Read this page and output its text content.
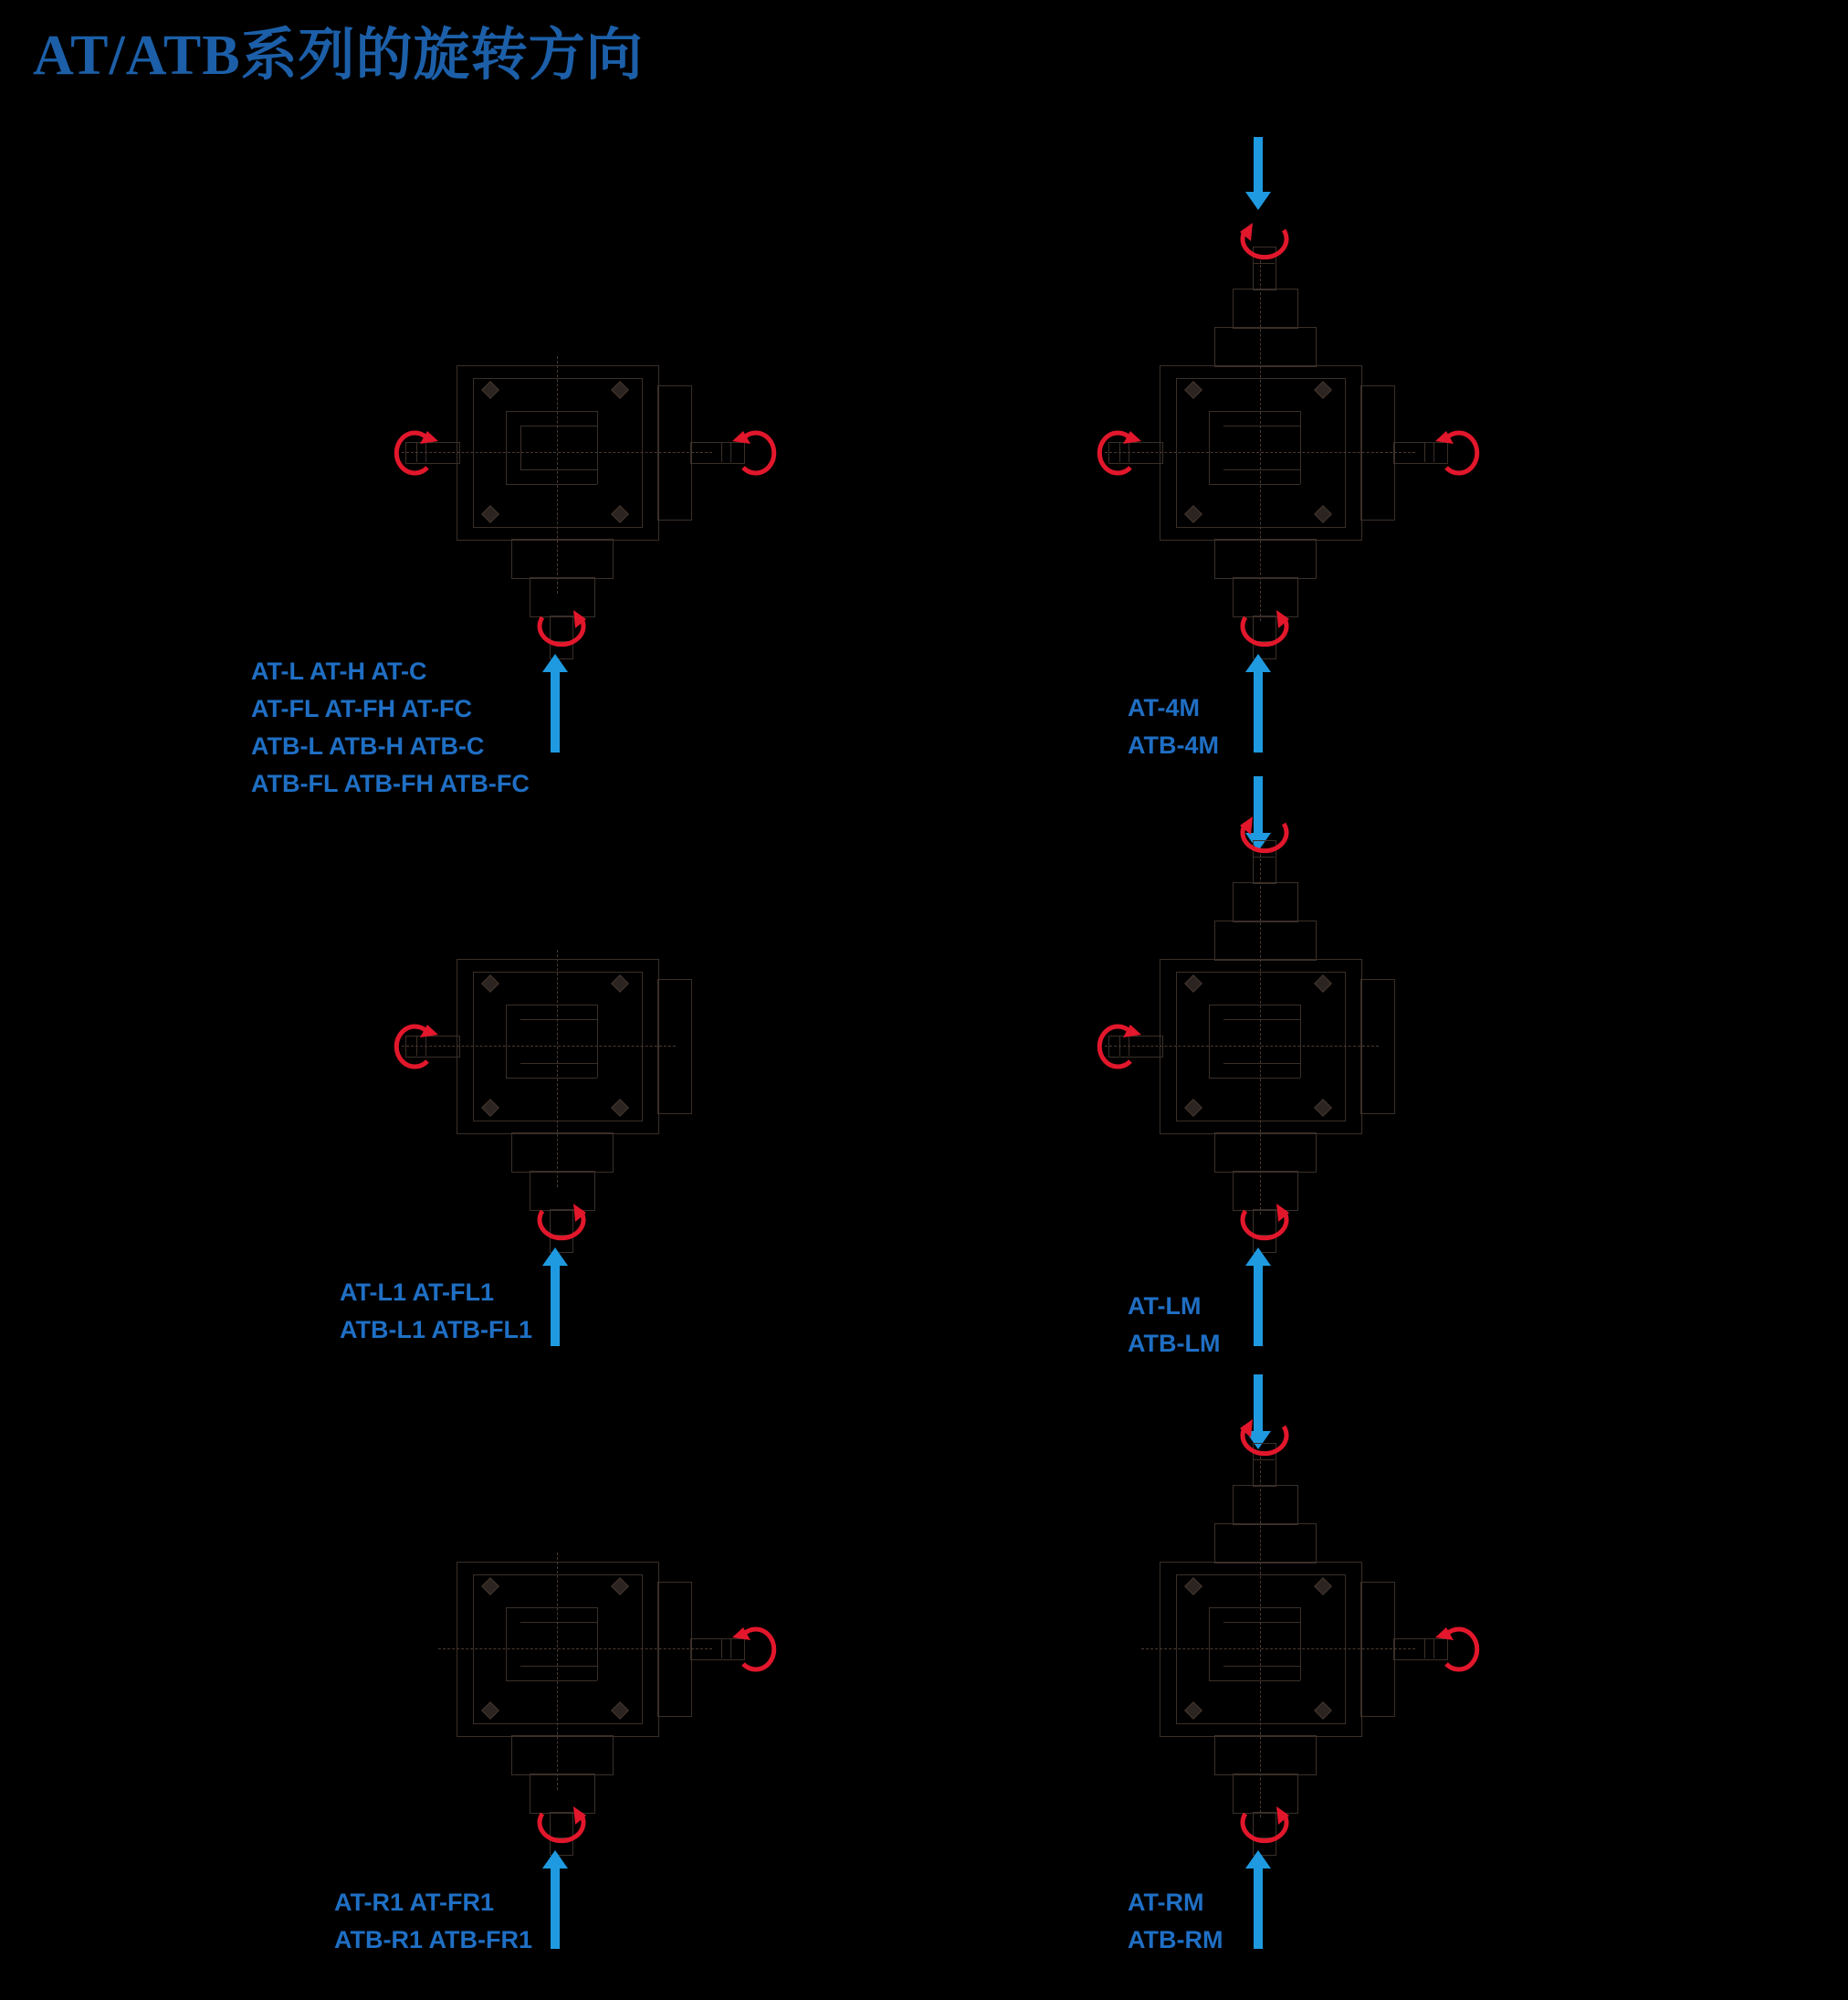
AT/ATB系列的旋转方向
AT-L AT-H AT-C
AT-FL AT-FH AT-FC
ATB-L ATB-H ATB-C
ATB-FL ATB-FH ATB-FC
AT-4M
ATB-4M
AT-L1 AT-FL1
ATB-L1 ATB-FL1
AT-LM
ATB-LM
AT-R1 AT-FR1
ATB-R1 ATB-FR1
AT-RM
ATB-RM
